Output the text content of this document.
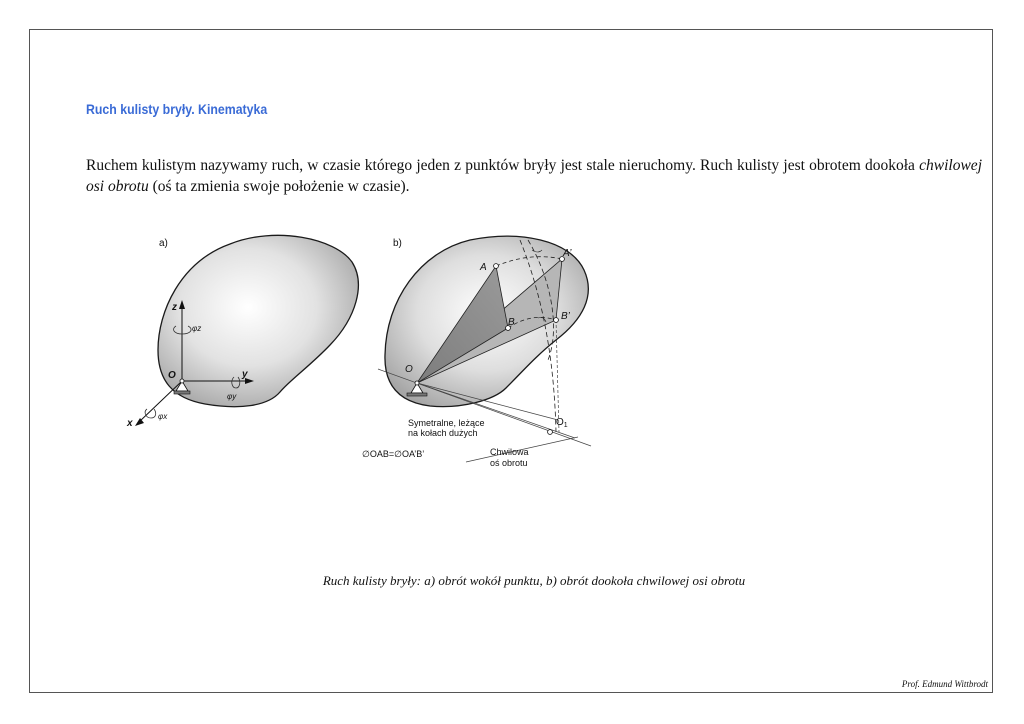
Ruch kulisty bryły. Kinematyka

Ruchem kulistym nazywamy ruch, w czasie którego jeden z punktów bryły jest stale nieruchomy. Ruch kulisty jest obrotem dookoła chwilowej osi obrotu (oś ta zmienia swoje położenie w czasie).

a)
z
y
x
O
φz
φy
φx
b)
A
A’
B
B’
O
$O_1$
Symetralne, leżące
na kołach dużych
∅OAB=∅OA’B’	Chwilowa
oś obrotu
Ruch kulisty bryły: a) obrót wokół punktu, b) obrót dookoła chwilowej osi obrotu
Prof. Edmund Wittbrodt
